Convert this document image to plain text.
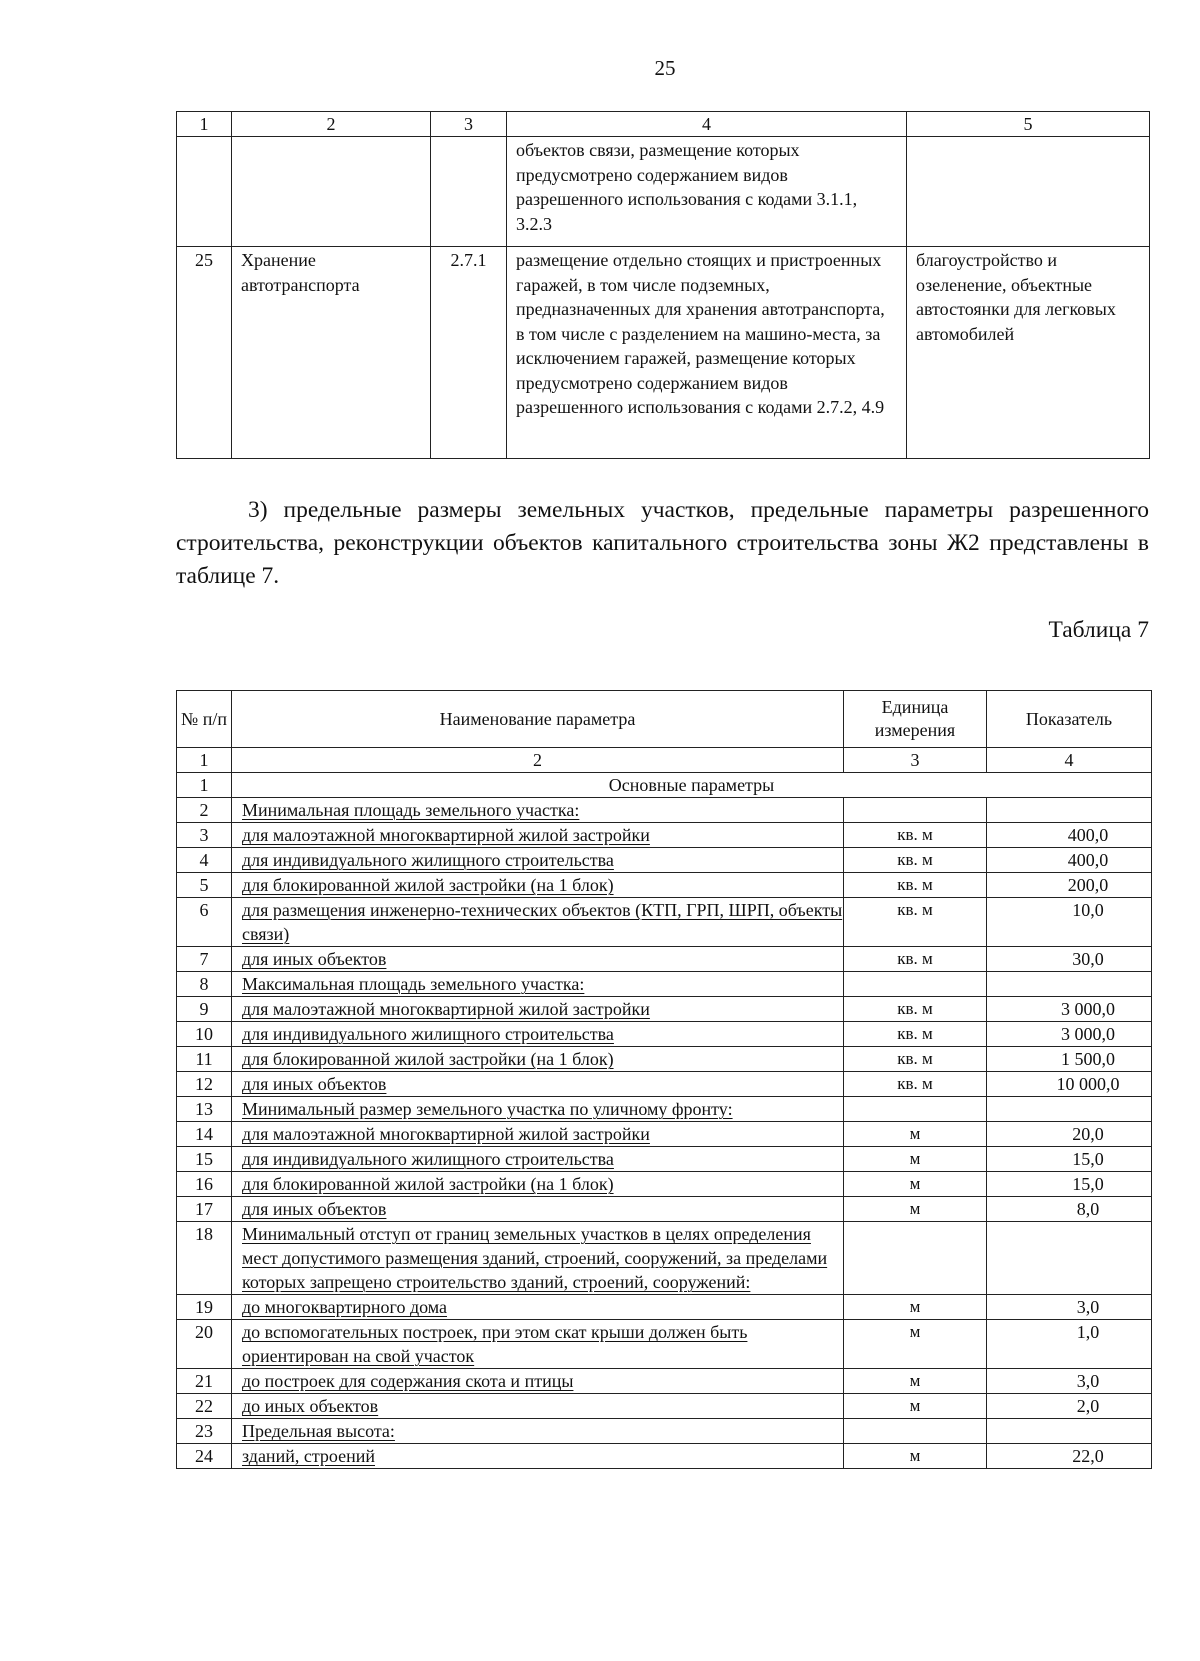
25
1	2	3	4	5
			объектов связи, размещение которых предусмотрено содержанием видов разрешенного использования с кодами 3.1.1, 3.2.3	
25	Хранение автотранспорта	2.7.1	размещение отдельно стоящих и пристроенных гаражей, в том числе подземных, предназначенных для хранения автотранспорта, в том числе с разделением на машино-места, за исключением гаражей, размещение которых предусмотрено содержанием видов разрешенного использования с кодами 2.7.2, 4.9	благоустройство и озеленение, объектные автостоянки для легковых автомобилей
3) предельные размеры земельных участков, предельные параметры разрешенного строительства, реконструкции объектов капитального строительства зоны Ж2 представлены в таблице 7.
Таблица 7
№ п/п	Наименование параметра	Единица измерения	Показатель
1	2	3	4
1	Основные параметры		
2	Минимальная площадь земельного участка:		
3	для малоэтажной многоквартирной жилой застройки	кв. м	400,0
4	для индивидуального жилищного строительства	кв. м	400,0
5	для блокированной жилой застройки (на 1 блок)	кв. м	200,0
6	для размещения инженерно-технических объектов (КТП, ГРП, ШРП, объекты связи)	кв. м	10,0
7	для иных объектов	кв. м	30,0
8	Максимальная площадь земельного участка:		
9	для малоэтажной многоквартирной жилой застройки	кв. м	3 000,0
10	для индивидуального жилищного строительства	кв. м	3 000,0
11	для блокированной жилой застройки (на 1 блок)	кв. м	1 500,0
12	для иных объектов	кв. м	10 000,0
13	Минимальный размер земельного участка по уличному фронту:		
14	для малоэтажной многоквартирной жилой застройки	м	20,0
15	для индивидуального жилищного строительства	м	15,0
16	для блокированной жилой застройки (на 1 блок)	м	15,0
17	для иных объектов	м	8,0
18	Минимальный отступ от границ земельных участков в целях определения мест допустимого размещения зданий, строений, сооружений, за пределами которых запрещено строительство зданий, строений, сооружений:		
19	до многоквартирного дома	м	3,0
20	до вспомогательных построек, при этом скат крыши должен быть ориентирован на свой участок	м	1,0
21	до построек для содержания скота и птицы	м	3,0
22	до иных объектов	м	2,0
23	Предельная высота:		
24	зданий, строений	м	22,0
